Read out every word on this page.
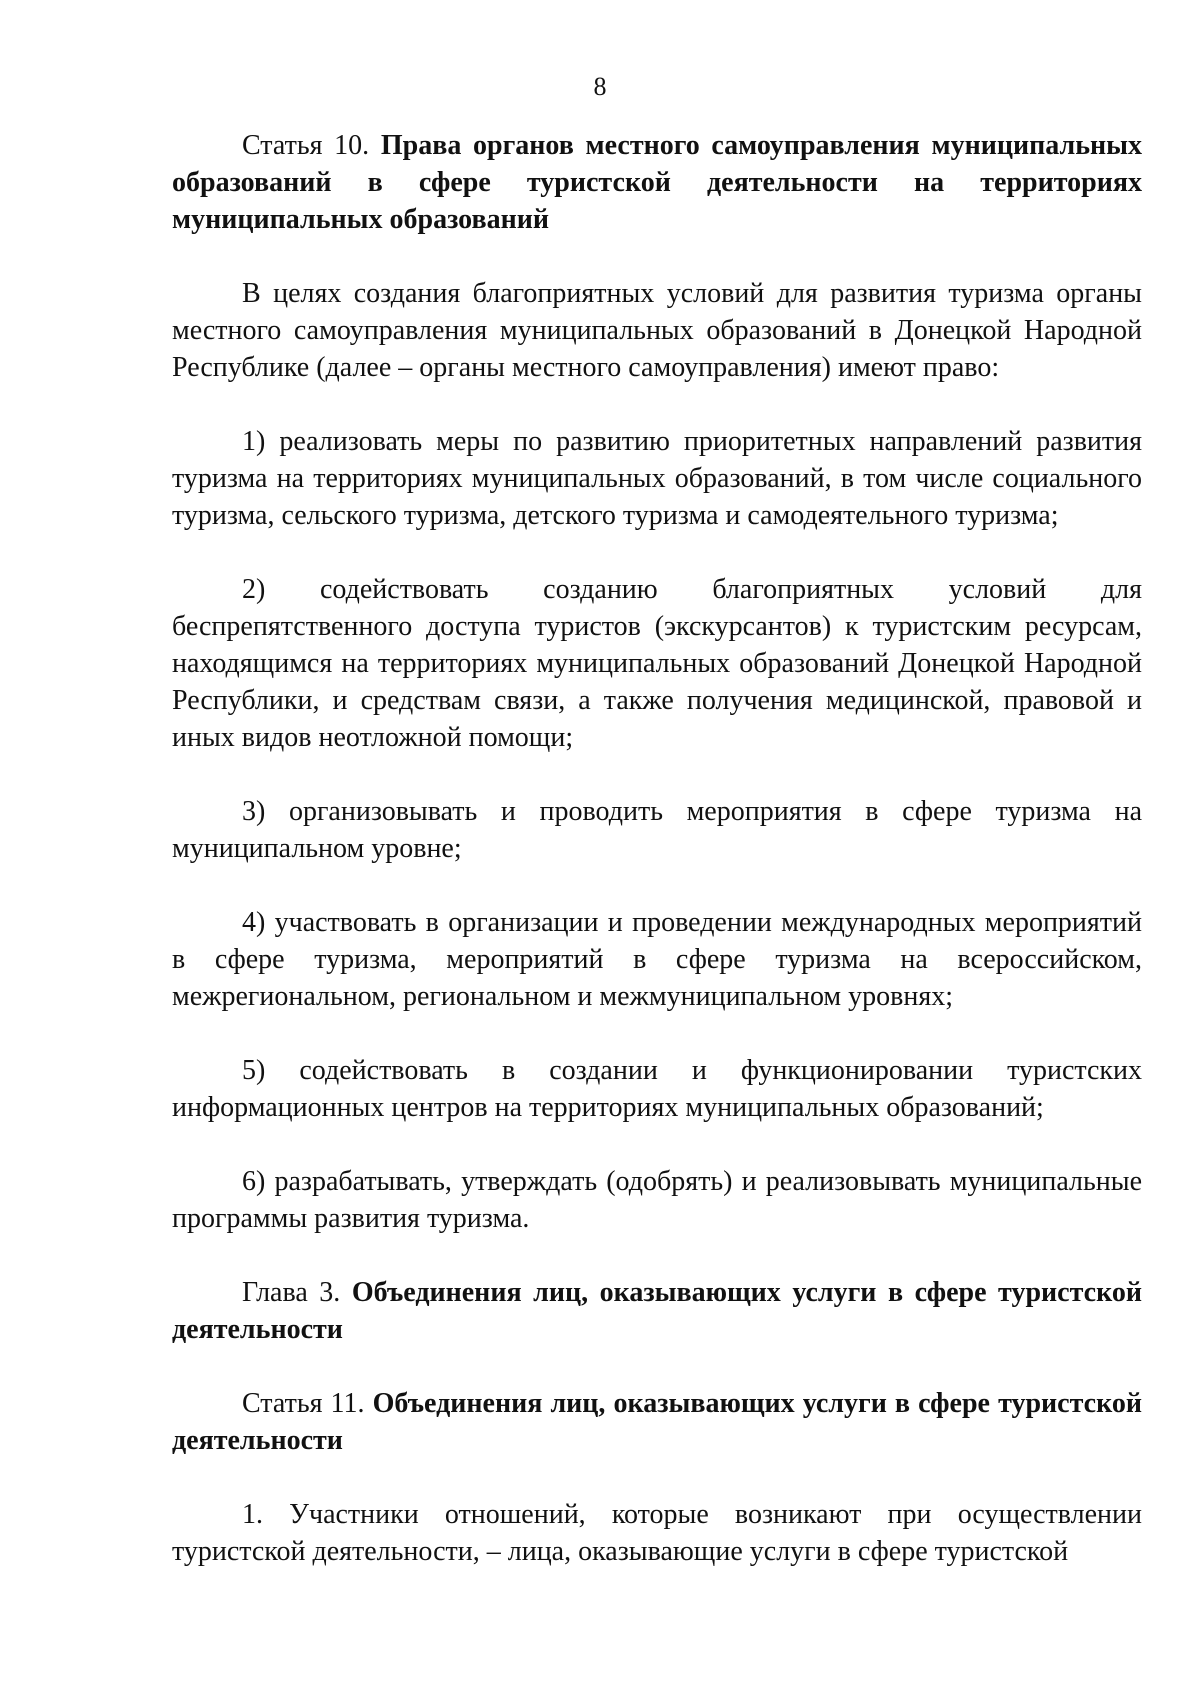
8

Статья 10. Права органов местного самоуправления муниципальных образований в сфере туристской деятельности на территориях муниципальных образований

В целях создания благоприятных условий для развития туризма органы местного самоуправления муниципальных образований в Донецкой Народной Республике (далее – органы местного самоуправления) имеют право:

1) реализовать меры по развитию приоритетных направлений развития туризма на территориях муниципальных образований, в том числе социального туризма, сельского туризма, детского туризма и самодеятельного туризма;

2) содействовать созданию благоприятных условий для беспрепятственного доступа туристов (экскурсантов) к туристским ресурсам, находящимся на территориях муниципальных образований Донецкой Народной Республики, и средствам связи, а также получения медицинской, правовой и иных видов неотложной помощи;

3) организовывать и проводить мероприятия в сфере туризма на муниципальном уровне;

4) участвовать в организации и проведении международных мероприятий в сфере туризма, мероприятий в сфере туризма на всероссийском, межрегиональном, региональном и межмуниципальном уровнях;

5) содействовать в создании и функционировании туристских информационных центров на территориях муниципальных образований;

6) разрабатывать, утверждать (одобрять) и реализовывать муниципальные программы развития туризма.

Глава 3. Объединения лиц, оказывающих услуги в сфере туристской деятельности

Статья 11. Объединения лиц, оказывающих услуги в сфере туристской деятельности

1. Участники отношений, которые возникают при осуществлении туристской деятельности, – лица, оказывающие услуги в сфере туристской
